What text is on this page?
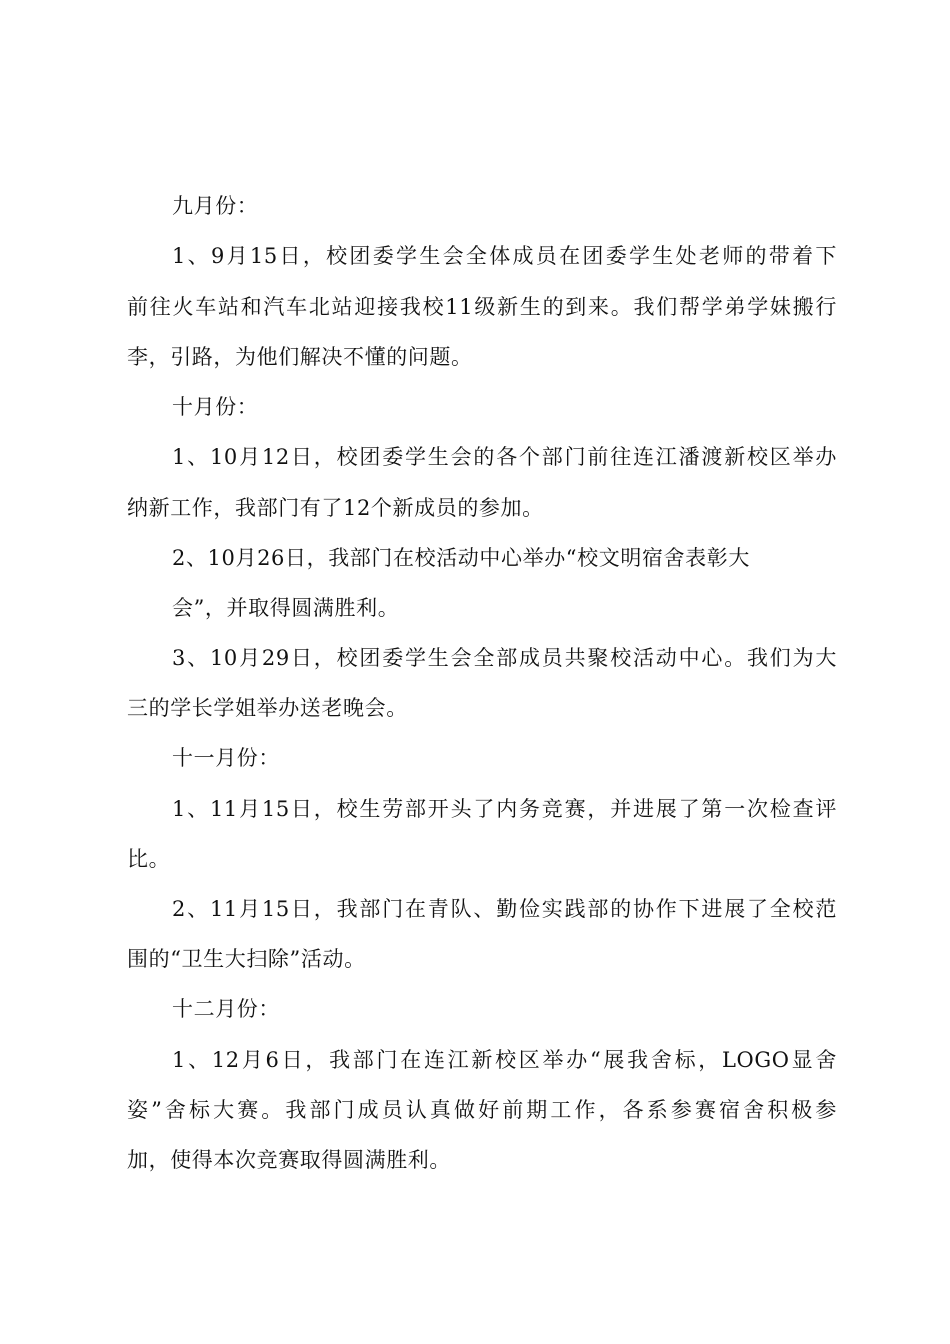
九月份：
1、9月15日，校团委学生会全体成员在团委学生处老师的带着下
前往火车站和汽车北站迎接我校11级新生的到来。我们帮学弟学妹搬行
李，引路，为他们解决不懂的问题。
十月份：
1、10月12日，校团委学生会的各个部门前往连江潘渡新校区举办
纳新工作，我部门有了12个新成员的参加。
2、10月26日，我部门在校活动中心举办“校文明宿舍表彰大
会”，并取得圆满胜利。
3、10月29日，校团委学生会全部成员共聚校活动中心。我们为大
三的学长学姐举办送老晚会。
十一月份：
1、11月15日，校生劳部开头了内务竞赛，并进展了第一次检查评
比。
2、11月15日，我部门在青队、勤俭实践部的协作下进展了全校范
围的“卫生大扫除”活动。
十二月份：
1、12月6日，我部门在连江新校区举办“展我舍标，LOGO显舍
姿”舍标大赛。我部门成员认真做好前期工作，各系参赛宿舍积极参
加，使得本次竞赛取得圆满胜利。
